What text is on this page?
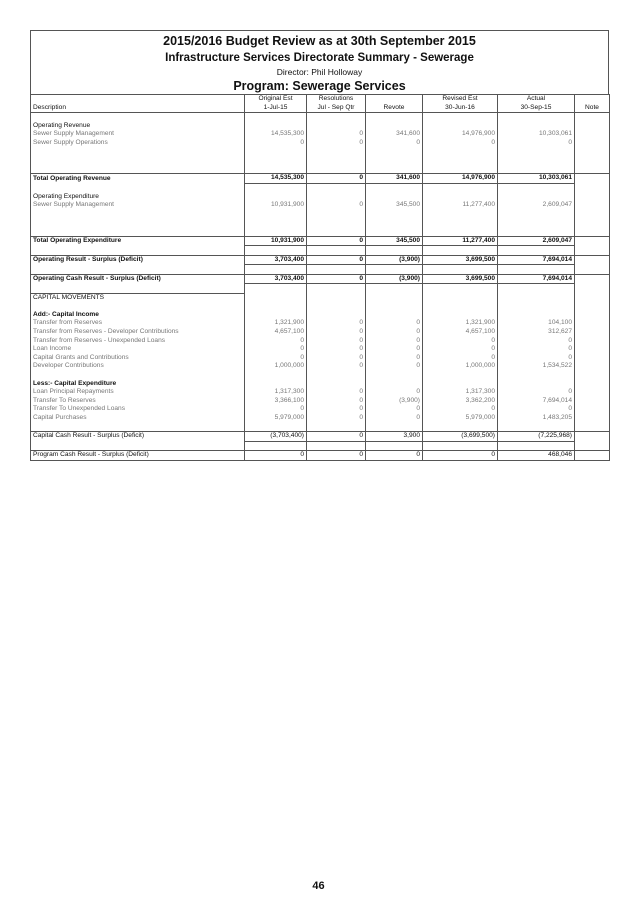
2015/2016 Budget Review as at 30th September 2015
Infrastructure Services Directorate Summary - Sewerage
Director: Phil Holloway
Program: Sewerage Services
	Original Est	Resolutions		Revised Est	Actual	
Description	1-Jul-15	Jul - Sep Qtr	Revote	30-Jun-16	30-Sep-15	Note

Operating Revenue						
Sewer Supply Management	14,535,300	0	341,600	14,976,900	10,303,061	
Sewer Supply Operations	0	0	0	0	0	

Total Operating Revenue	14,535,300	0	341,600	14,976,900	10,303,061	

Operating Expenditure						
Sewer Supply Management	10,931,900	0	345,500	11,277,400	2,609,047	

Total Operating Expenditure	10,931,900	0	345,500	11,277,400	2,609,047	

Operating Result - Surplus (Deficit)	3,703,400	0	(3,900)	3,699,500	7,694,014	

Operating Cash Result - Surplus (Deficit)	3,703,400	0	(3,900)	3,699,500	7,694,014	

CAPITAL MOVEMENTS						

Add:- Capital Income						
Transfer from Reserves	1,321,900	0	0	1,321,900	104,100	
Transfer from Reserves - Developer Contributions	4,657,100	0	0	4,657,100	312,627	
Transfer from Reserves - Unexpended Loans	0	0	0	0	0	
Loan Income	0	0	0	0	0	
Capital Grants and Contributions	0	0	0	0	0	
Developer Contributions	1,000,000	0	0	1,000,000	1,534,522	

Less:- Capital Expenditure						
Loan Principal Repayments	1,317,300	0	0	1,317,300	0	
Transfer To Reserves	3,366,100	0	(3,900)	3,362,200	7,694,014	
Transfer To Unexpended Loans	0	0	0	0	0	
Capital Purchases	5,979,000	0	0	5,979,000	1,483,205	

Capital Cash Result - Surplus (Deficit)	(3,703,400)	0	3,900	(3,699,500)	(7,225,968)	

Program Cash Result - Surplus (Deficit)	0	0	0	0	468,046	
46
